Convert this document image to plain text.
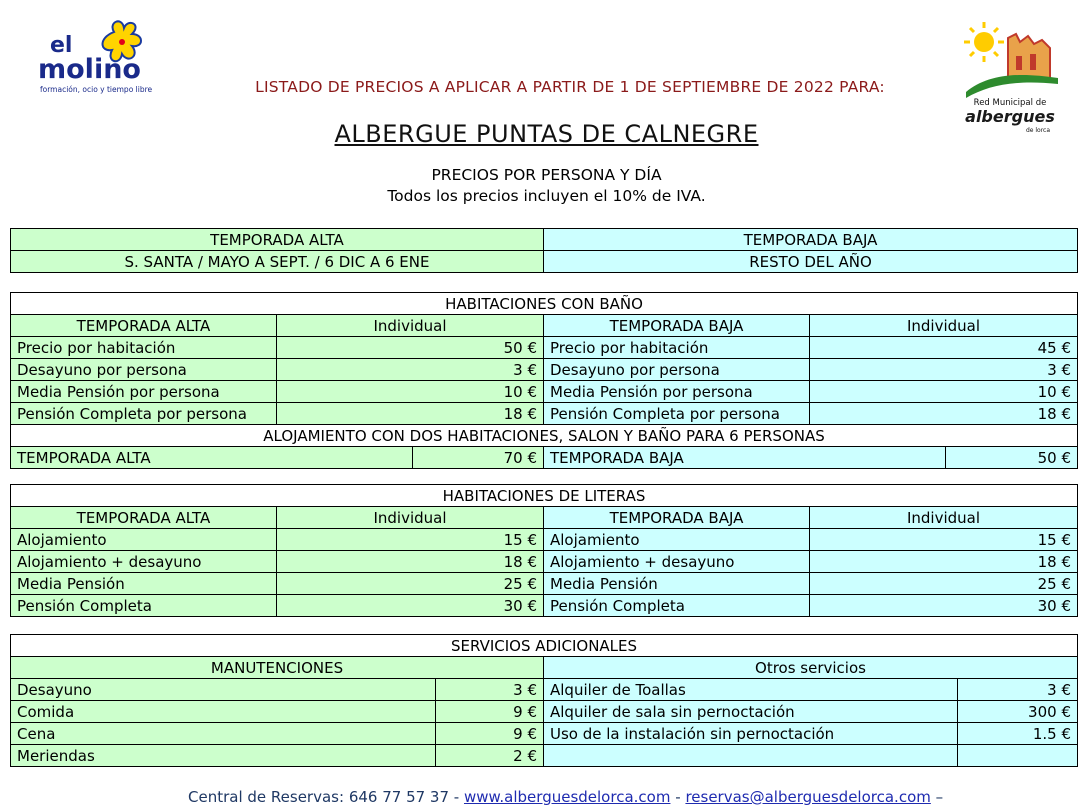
el
molino
formación, ocio y tiempo libre
Red Municipal de
albergues
de lorca
LISTADO DE PRECIOS A APLICAR A PARTIR DE 1 DE SEPTIEMBRE DE 2022 PARA:
ALBERGUE PUNTAS DE CALNEGRE
PRECIOS POR PERSONA Y DÍA
Todos los precios incluyen el 10% de IVA.
TEMPORADA ALTA	TEMPORADA BAJA
S. SANTA / MAYO A SEPT. / 6 DIC A 6 ENE	RESTO DEL AÑO
HABITACIONES CON BAÑO					
TEMPORADA ALTA	Individual		TEMPORADA BAJA	Individual	
Precio por habitación	50 €		Precio por habitación	45 €	
Desayuno por persona	3 €		Desayuno por persona	3 €	
Media Pensión por persona	10 €		Media Pensión por persona	10 €	
Pensión Completa por persona	18 €		Pensión Completa por persona	18 €	
ALOJAMIENTO CON DOS HABITACIONES, SALON Y BAÑO PARA 6 PERSONAS					
TEMPORADA ALTA		70 €	TEMPORADA BAJA		50 €
HABITACIONES DE LITERAS			
TEMPORADA ALTA	Individual	TEMPORADA BAJA	Individual
Alojamiento	15 €	Alojamiento	15 €
Alojamiento + desayuno	18 €	Alojamiento + desayuno	18 €
Media Pensión	25 €	Media Pensión	25 €
Pensión Completa	30 €	Pensión Completa	30 €
SERVICIOS ADICIONALES			
MANUTENCIONES		Otros servicios	
Desayuno	3 €	Alquiler de Toallas	3 €
Comida	9 €	Alquiler de sala sin pernoctación	300 €
Cena	9 €	Uso de la instalación sin pernoctación	1.5 €
Meriendas	2 €		
Central de Reservas: 646 77 57 37 - www.alberguesdelorca.com - reservas@alberguesdelorca.com –
